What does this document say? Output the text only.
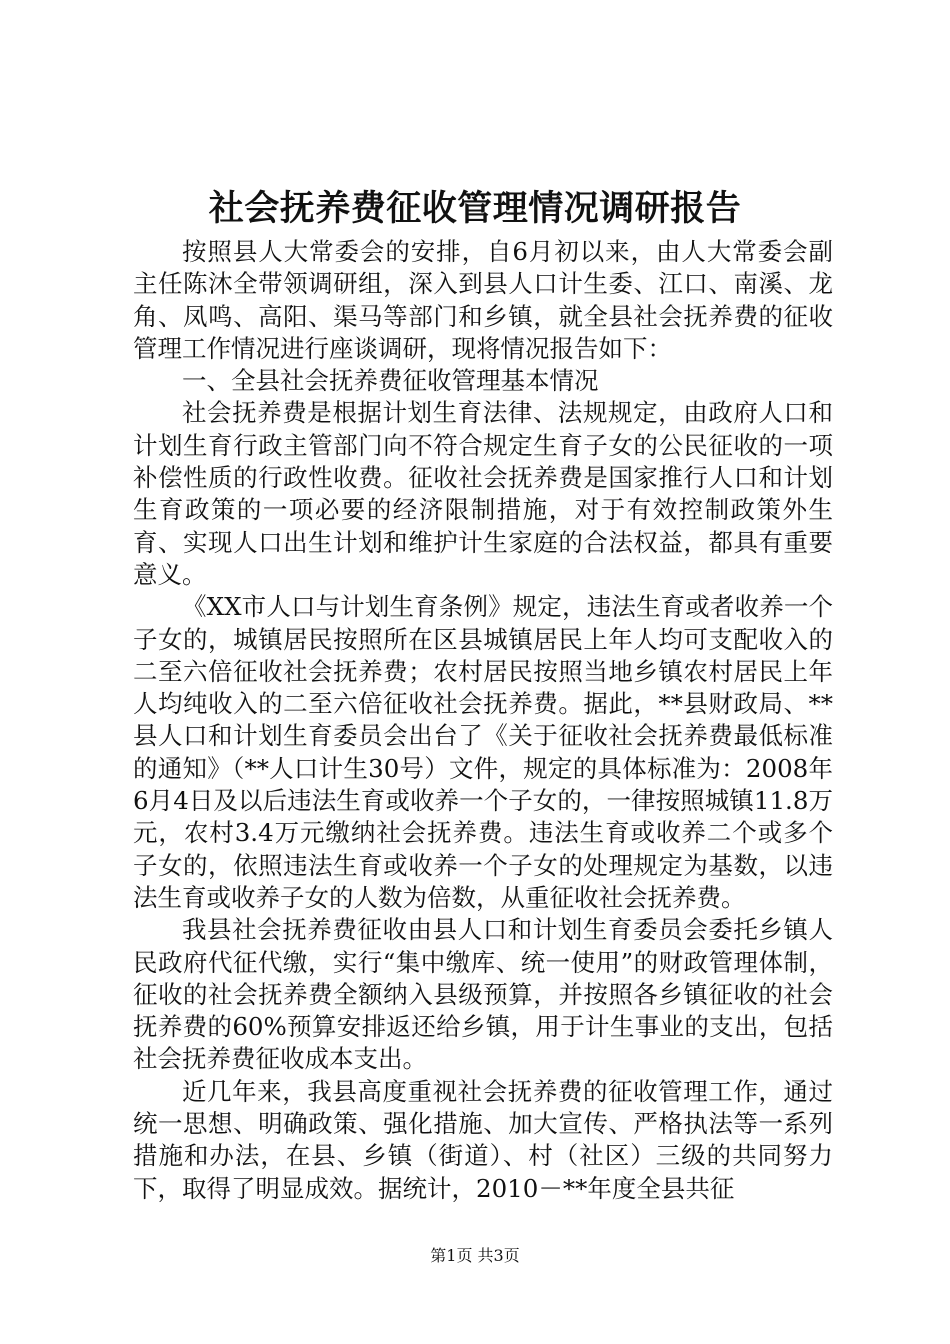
社会抚养费征收管理情况调研报告

按照县人大常委会的安排，自6月初以来，由人大常委会副主任陈沐全带领调研组，深入到县人口计生委、江口、南溪、龙角、凤鸣、高阳、渠马等部门和乡镇，就全县社会抚养费的征收管理工作情况进行座谈调研，现将情况报告如下：

一、全县社会抚养费征收管理基本情况

社会抚养费是根据计划生育法律、法规规定，由政府人口和计划生育行政主管部门向不符合规定生育子女的公民征收的一项补偿性质的行政性收费。征收社会抚养费是国家推行人口和计划生育政策的一项必要的经济限制措施，对于有效控制政策外生育、实现人口出生计划和维护计生家庭的合法权益，都具有重要意义。

《XX市人口与计划生育条例》规定，违法生育或者收养一个子女的，城镇居民按照所在区县城镇居民上年人均可支配收入的二至六倍征收社会抚养费；农村居民按照当地乡镇农村居民上年人均纯收入的二至六倍征收社会抚养费。据此，**县财政局、**县人口和计划生育委员会出台了《关于征收社会抚养费最低标准的通知》（**人口计生30号）文件，规定的具体标准为：2008年6月4日及以后违法生育或收养一个子女的，一律按照城镇11.8万元，农村3.4万元缴纳社会抚养费。违法生育或收养二个或多个子女的，依照违法生育或收养一个子女的处理规定为基数，以违法生育或收养子女的人数为倍数，从重征收社会抚养费。

我县社会抚养费征收由县人口和计划生育委员会委托乡镇人民政府代征代缴，实行“集中缴库、统一使用”的财政管理体制，征收的社会抚养费全额纳入县级预算，并按照各乡镇征收的社会抚养费的60%预算安排返还给乡镇，用于计生事业的支出，包括社会抚养费征收成本支出。

近几年来，我县高度重视社会抚养费的征收管理工作，通过统一思想、明确政策、强化措施、加大宣传、严格执法等一系列措施和办法，在县、乡镇（街道）、村（社区）三级的共同努力下，取得了明显成效。据统计，2010－**年度全县共征

第1页 共3页
